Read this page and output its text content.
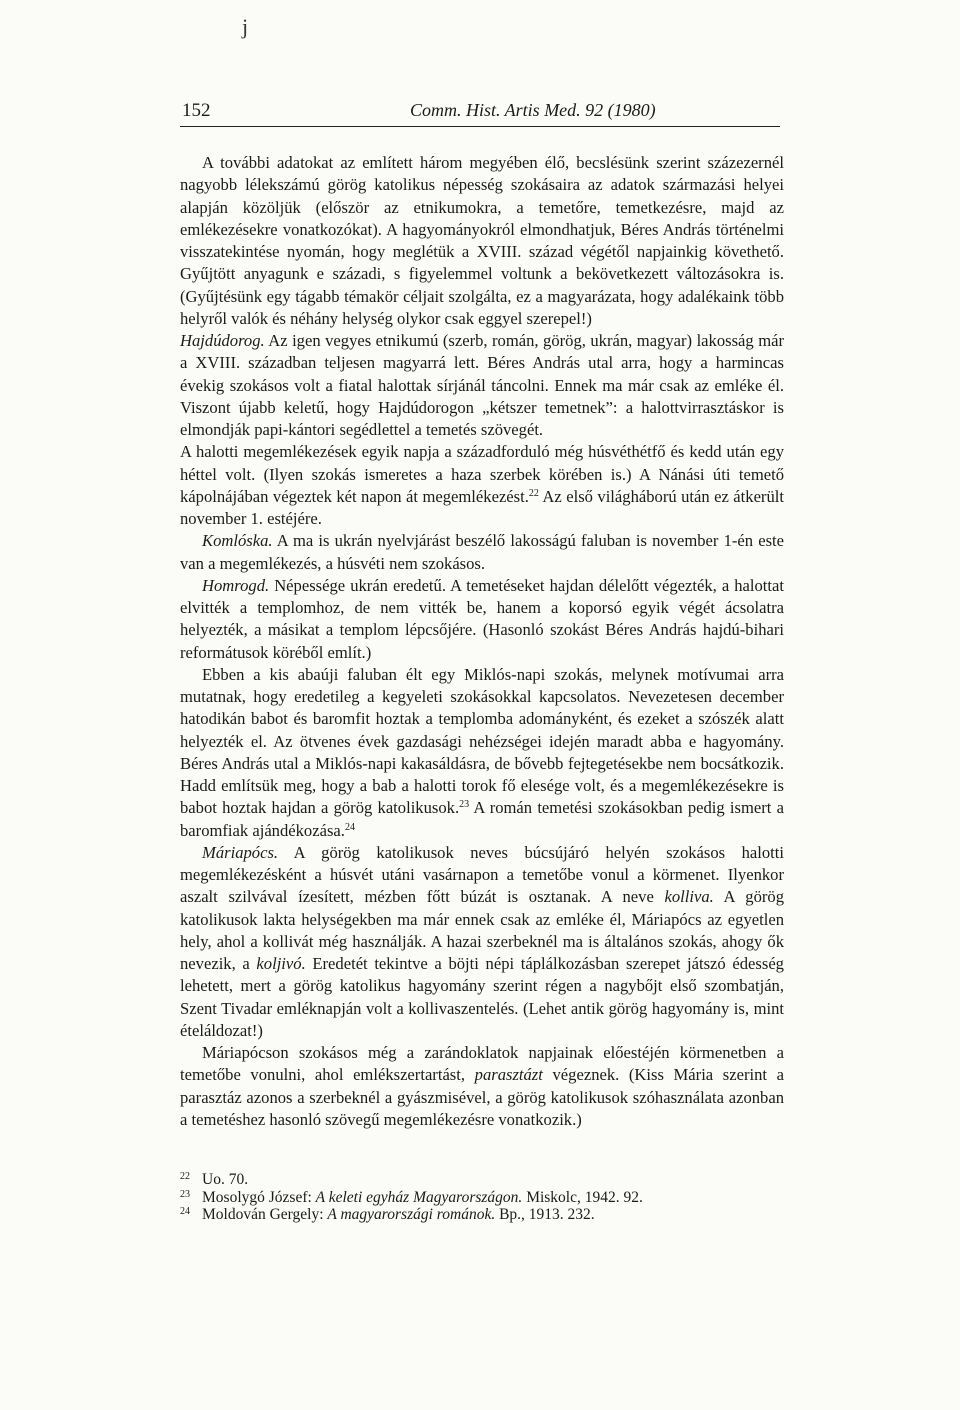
j
152	Comm. Hist. Artis Med. 92 (1980)

A további adatokat az említett három megyében élő, becslésünk szerint százezernél nagyobb lélekszámú görög katolikus népesség szokásaira az adatok származási helyei alapján közöljük (először az etnikumokra, a temetőre, temetkezésre, majd az emlékezésekre vonatkozókat). A hagyományokról elmondhatjuk, Béres András történelmi visszatekintése nyomán, hogy meglétük a XVIII. század végétől napjainkig követhető. Gyűjtött anyagunk e századi, s figyelemmel voltunk a bekövetkezett változásokra is. (Gyűjtésünk egy tágabb témakör céljait szolgálta, ez a magyarázata, hogy adalékaink több helyről valók és néhány helység olykor csak eggyel szerepel!)

Hajdúdorog. Az igen vegyes etnikumú (szerb, román, görög, ukrán, magyar) lakosság már a XVIII. században teljesen magyarrá lett. Béres András utal arra, hogy a harmincas évekig szokásos volt a fiatal halottak sírjánál táncolni. Ennek ma már csak az emléke él. Viszont újabb keletű, hogy Hajdúdorogon „kétszer temetnek”: a halottvirrasztáskor is elmondják papi-kántori segédlettel a temetés szövegét.

A halotti megemlékezések egyik napja a századforduló még húsvéthétfő és kedd után egy héttel volt. (Ilyen szokás ismeretes a haza szerbek körében is.) A Nánási úti temető kápolnájában végeztek két napon át megemlékezést.$^{22}$ Az első világháború után ez átkerült november 1. estéjére.

Komlóska. A ma is ukrán nyelvjárást beszélő lakosságú faluban is november 1-én este van a megemlékezés, a húsvéti nem szokásos.

Homrogd. Népessége ukrán eredetű. A temetéseket hajdan délelőtt végezték, a halottat elvitték a templomhoz, de nem vitték be, hanem a koporsó egyik végét ácsolatra helyezték, a másikat a templom lépcsőjére. (Hasonló szokást Béres András hajdú-bihari reformátusok köréből említ.)

Ebben a kis abaúji faluban élt egy Miklós-napi szokás, melynek motívumai arra mutatnak, hogy eredetileg a kegyeleti szokásokkal kapcsolatos. Nevezetesen december hatodikán babot és baromfit hoztak a templomba adományként, és ezeket a szószék alatt helyezték el. Az ötvenes évek gazdasági nehézségei idején maradt abba e hagyomány. Béres András utal a Miklós-napi kakasáldásra, de bővebb fejtegetésekbe nem bocsátkozik. Hadd említsük meg, hogy a bab a halotti torok fő elesége volt, és a megemlékezésekre is babot hoztak hajdan a görög katolikusok.$^{23}$ A román temetési szokásokban pedig ismert a baromfiak ajándékozása.$^{24}$

Máriapócs. A görög katolikusok neves búcsújáró helyén szokásos halotti megemlékezésként a húsvét utáni vasárnapon a temetőbe vonul a körmenet. Ilyenkor aszalt szilvával ízesített, mézben főtt búzát is osztanak. A neve kolliva. A görög katolikusok lakta helységekben ma már ennek csak az emléke él, Máriapócs az egyetlen hely, ahol a kollivát még használják. A hazai szerbeknél ma is általános szokás, ahogy ők nevezik, a koljivó. Eredetét tekintve a böjti népi táplálkozásban szerepet játszó édesség lehetett, mert a görög katolikus hagyomány szerint régen a nagybőjt első szombatján, Szent Tivadar emléknapján volt a kollivaszentelés. (Lehet antik görög hagyomány is, mint ételáldozat!)

Máriapócson szokásos még a zarándoklatok napjainak előestéjén körmenetben a temetőbe vonulni, ahol emlékszertartást, parasztázt végeznek. (Kiss Mária szerint a parasztáz azonos a szerbeknél a gyászmisével, a görög katolikusok szóhasználata azonban a temetéshez hasonló szövegű megemlékezésre vonatkozik.)

22 Uo. 70.
23 Mosolygó József: A keleti egyház Magyarországon. Miskolc, 1942. 92.
24 Moldován Gergely: A magyarországi románok. Bp., 1913. 232.
